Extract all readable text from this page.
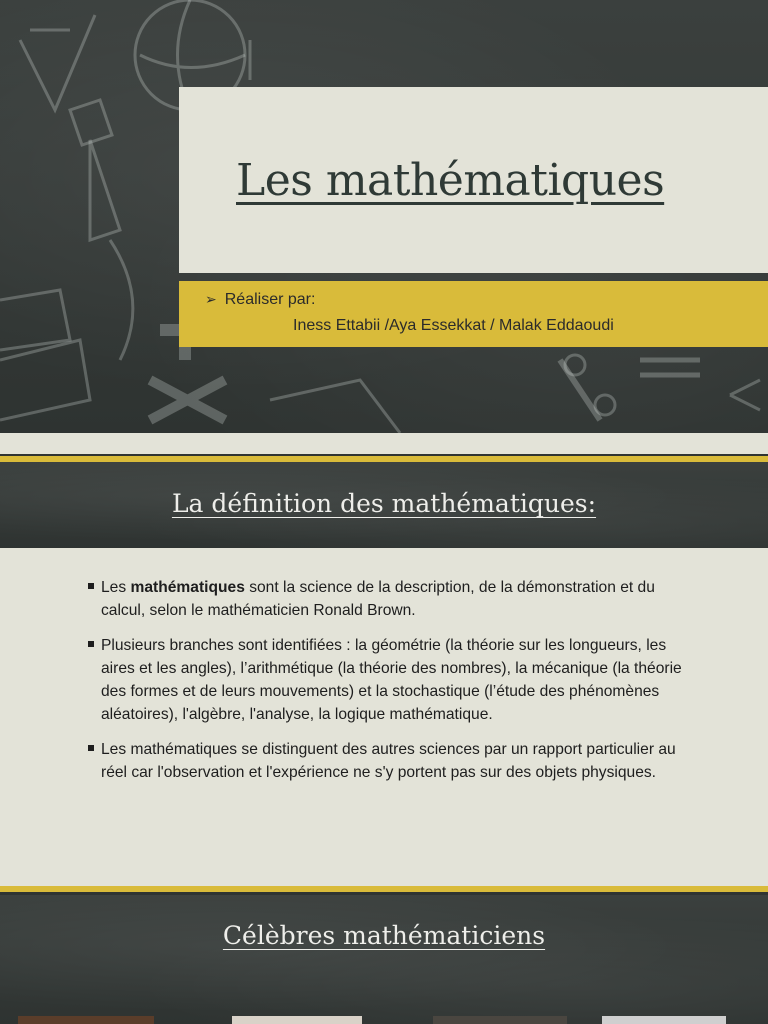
Les mathématiques
➢ Réaliser par:
Iness Ettabii /Aya Essekkat / Malak Eddaoudi
La définition des mathématiques:
Les mathématiques sont la science de la description, de la démonstration et du calcul, selon le mathématicien Ronald Brown.
Plusieurs branches sont identifiées : la géométrie (la théorie sur les longueurs, les aires et les angles), l’arithmétique (la théorie des nombres), la mécanique (la théorie des formes et de leurs mouvements) et la stochastique (l’étude des phénomènes aléatoires), l'algèbre, l'analyse, la logique mathématique.
Les mathématiques se distinguent des autres sciences par un rapport particulier au réel car l'observation et l'expérience ne s'y portent pas sur des objets physiques.
Célèbres mathématiciens
